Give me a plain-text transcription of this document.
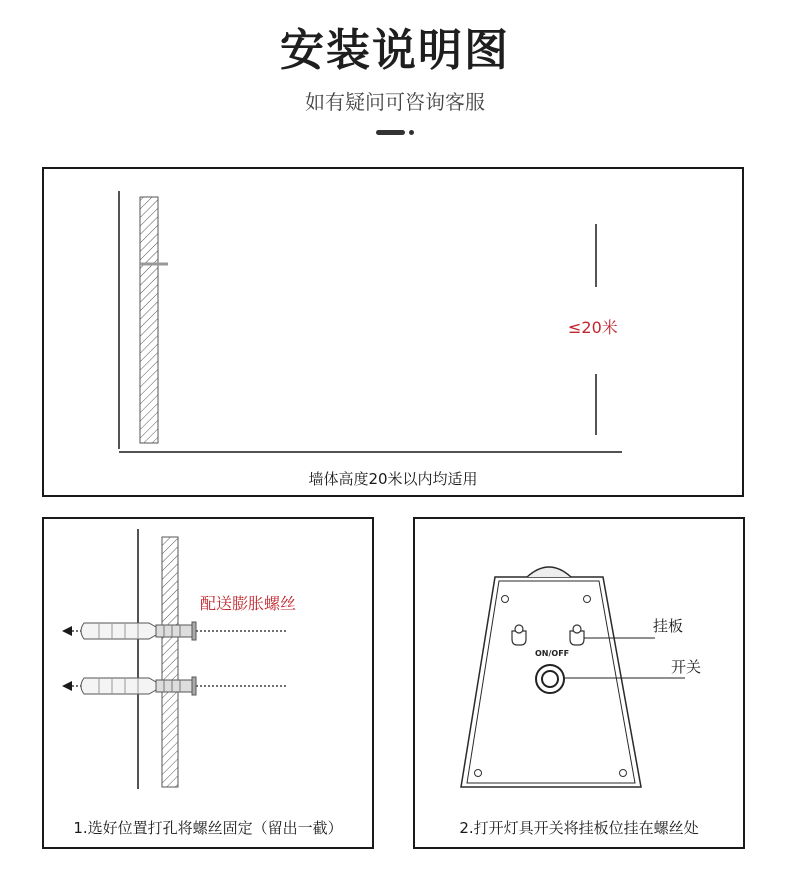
安装说明图
如有疑问可咨询客服
≤20米
墙体高度20米以内均适用
配送膨胀螺丝
1.选好位置打孔将螺丝固定（留出一截）
ON/OFF
挂板
开关
2.打开灯具开关将挂板位挂在螺丝处
